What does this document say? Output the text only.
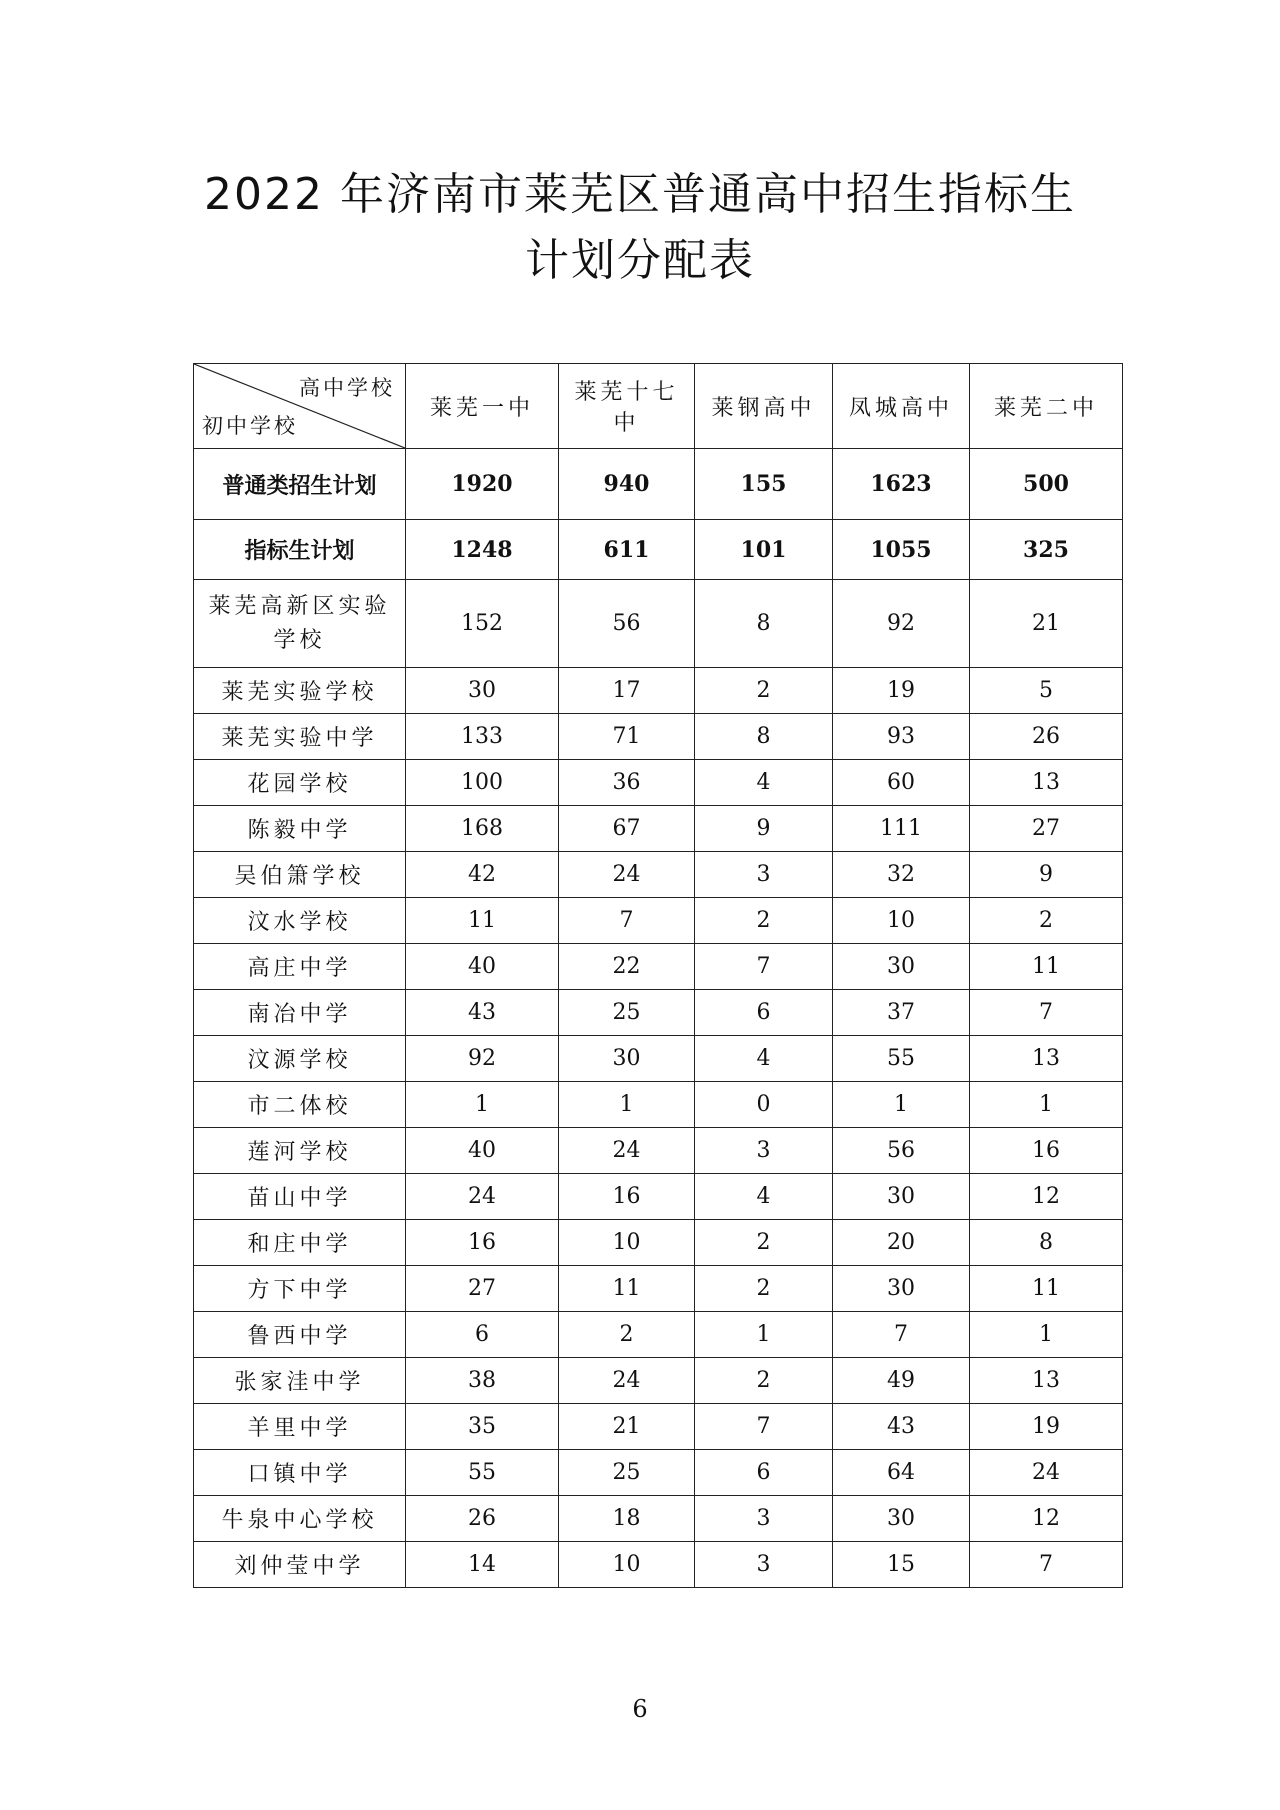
2022 年济南市莱芜区普通高中招生指标生
计划分配表
高中学校
初中学校	莱芜一中	莱芜十七中	莱钢高中	凤城高中	莱芜二中
普通类招生计划	1920	940	155	1623	500
指标生计划	1248	611	101	1055	325
莱芜高新区实验学校	152	56	8	92	21
莱芜实验学校	30	17	2	19	5
莱芜实验中学	133	71	8	93	26
花园学校	100	36	4	60	13
陈毅中学	168	67	9	111	27
吴伯箫学校	42	24	3	32	9
汶水学校	11	7	2	10	2
高庄中学	40	22	7	30	11
南冶中学	43	25	6	37	7
汶源学校	92	30	4	55	13
市二体校	1	1	0	1	1
莲河学校	40	24	3	56	16
苗山中学	24	16	4	30	12
和庄中学	16	10	2	20	8
方下中学	27	11	2	30	11
鲁西中学	6	2	1	7	1
张家洼中学	38	24	2	49	13
羊里中学	35	21	7	43	19
口镇中学	55	25	6	64	24
牛泉中心学校	26	18	3	30	12
刘仲莹中学	14	10	3	15	7
6
